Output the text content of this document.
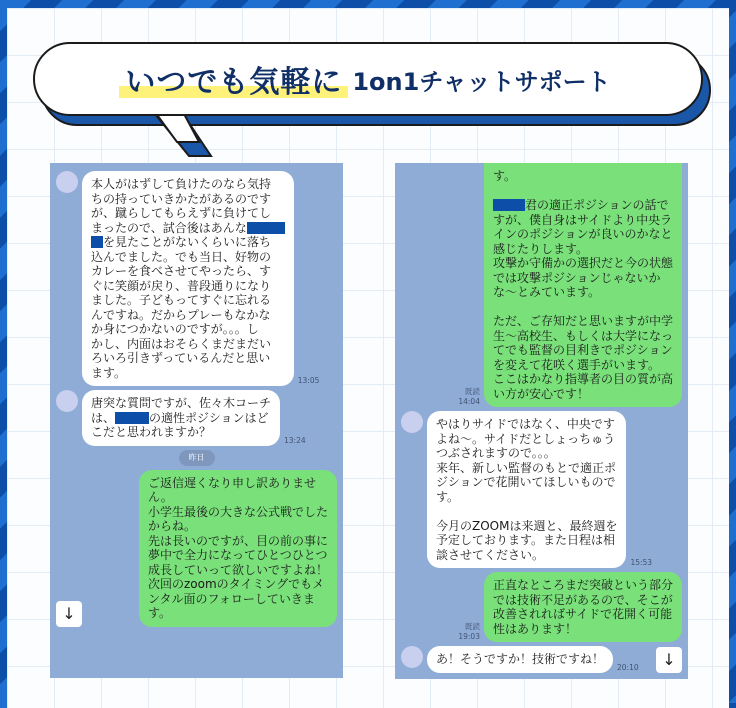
いつでも気軽に 1on1チャットサポート
本人がはずして負けたのなら気持
ちの持っていきかたがあるのです
が、蹴らしてもらえずに負けてし
まったので、試合後はあんな
を見たことがないくらいに落ち
込んでました。でも当日、好物の
カレーを食べさせてやったら、す
ぐに笑顔が戻り、普段通りになり
ました。子どもってすぐに忘れる
んですね。だからプレーもなかな
か身につかないのですが。。。し
かし、内面はおそらくまだまだい
ろいろ引きずっているんだと思い
ます。
13:05
唐突な質問ですが、佐々木コーチ
は、	の適性ポジションはど
こだと思われますか？
13:24
昨日
↓
ご返信遅くなり申し訳ありませ
ん。
小学生最後の大きな公式戦でした
からね。
先は長いのですが、目の前の事に
夢中で全力になってひとつひとつ
成長していって欲しいですよね！
次回のzoomのタイミングでもメ
ンタル面のフォローしていきま
す。
既読
14:04
す。

君の適正ポジションの話で
すが、僕自身はサイドより中央ラ
インのポジションが良いのかなと
感じたりします。
攻撃か守備かの選択だと今の状態
では攻撃ポジションじゃないか
な〜とみています。

ただ、ご存知だと思いますが中学
生〜高校生、もしくは大学になっ
てでも監督の目利きでポジション
を変えて花咲く選手がいます。
ここはかなり指導者の目の質が高
い方が安心です！
やはりサイドではなく、中央です
よね〜。サイドだとしょっちゅう
つぶされますので。。。
来年、新しい監督のもとで適正ポ
ジションで花開いてほしいもので
す。

今月のZOOMは来週と、最終週を
予定しております。また日程は相
談させてください。
15:53
既読
19:03
正直なところまだ突破という部分
では技術不足があるので、そこが
改善されればサイドで花開く可能
性はあります！
あ！そうですか！技術ですね！
20:10	↓
